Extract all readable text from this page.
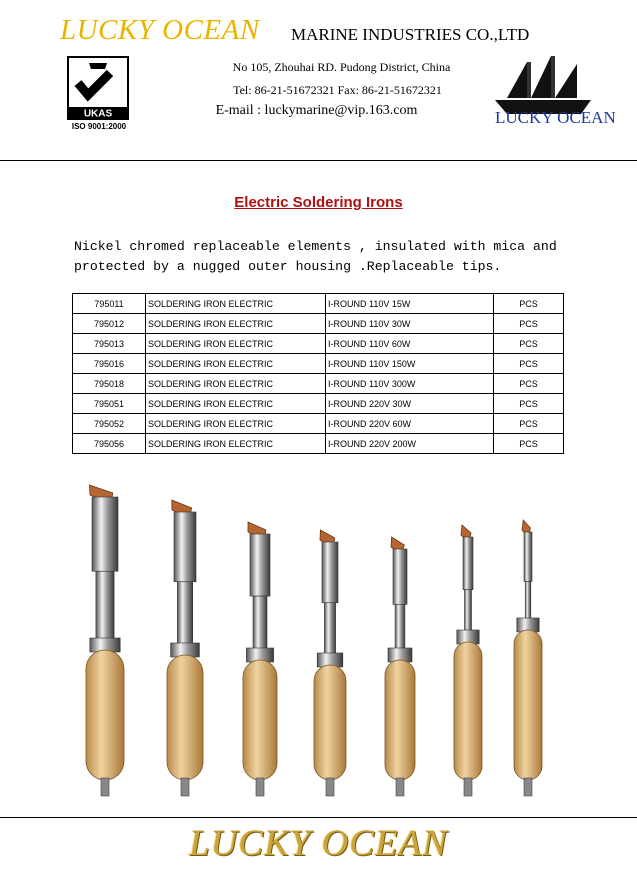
LUCKY OCEAN MARINE INDUSTRIES CO.,LTD
UKAS
ISO 9001:2000
No 105, Zhouhai RD. Pudong District, China
Tel: 86-21-51672321 Fax: 86-21-51672321
E-mail : luckymarine@vip.163.com	LUCKY OCEAN
Electric Soldering Irons
Nickel chromed replaceable elements , insulated with mica and protected by a nugged outer housing .Replaceable tips.
795011	SOLDERING IRON ELECTRIC	I-ROUND 110V 15W	PCS
795012	SOLDERING IRON ELECTRIC	I-ROUND 110V 30W	PCS
795013	SOLDERING IRON ELECTRIC	I-ROUND 110V 60W	PCS
795016	SOLDERING IRON ELECTRIC	I-ROUND 110V 150W	PCS
795018	SOLDERING IRON ELECTRIC	I-ROUND 110V 300W	PCS
795051	SOLDERING IRON ELECTRIC	I-ROUND 220V 30W	PCS
795052	SOLDERING IRON ELECTRIC	I-ROUND 220V 60W	PCS
795056	SOLDERING IRON ELECTRIC	I-ROUND 220V 200W	PCS
LUCKY OCEAN
